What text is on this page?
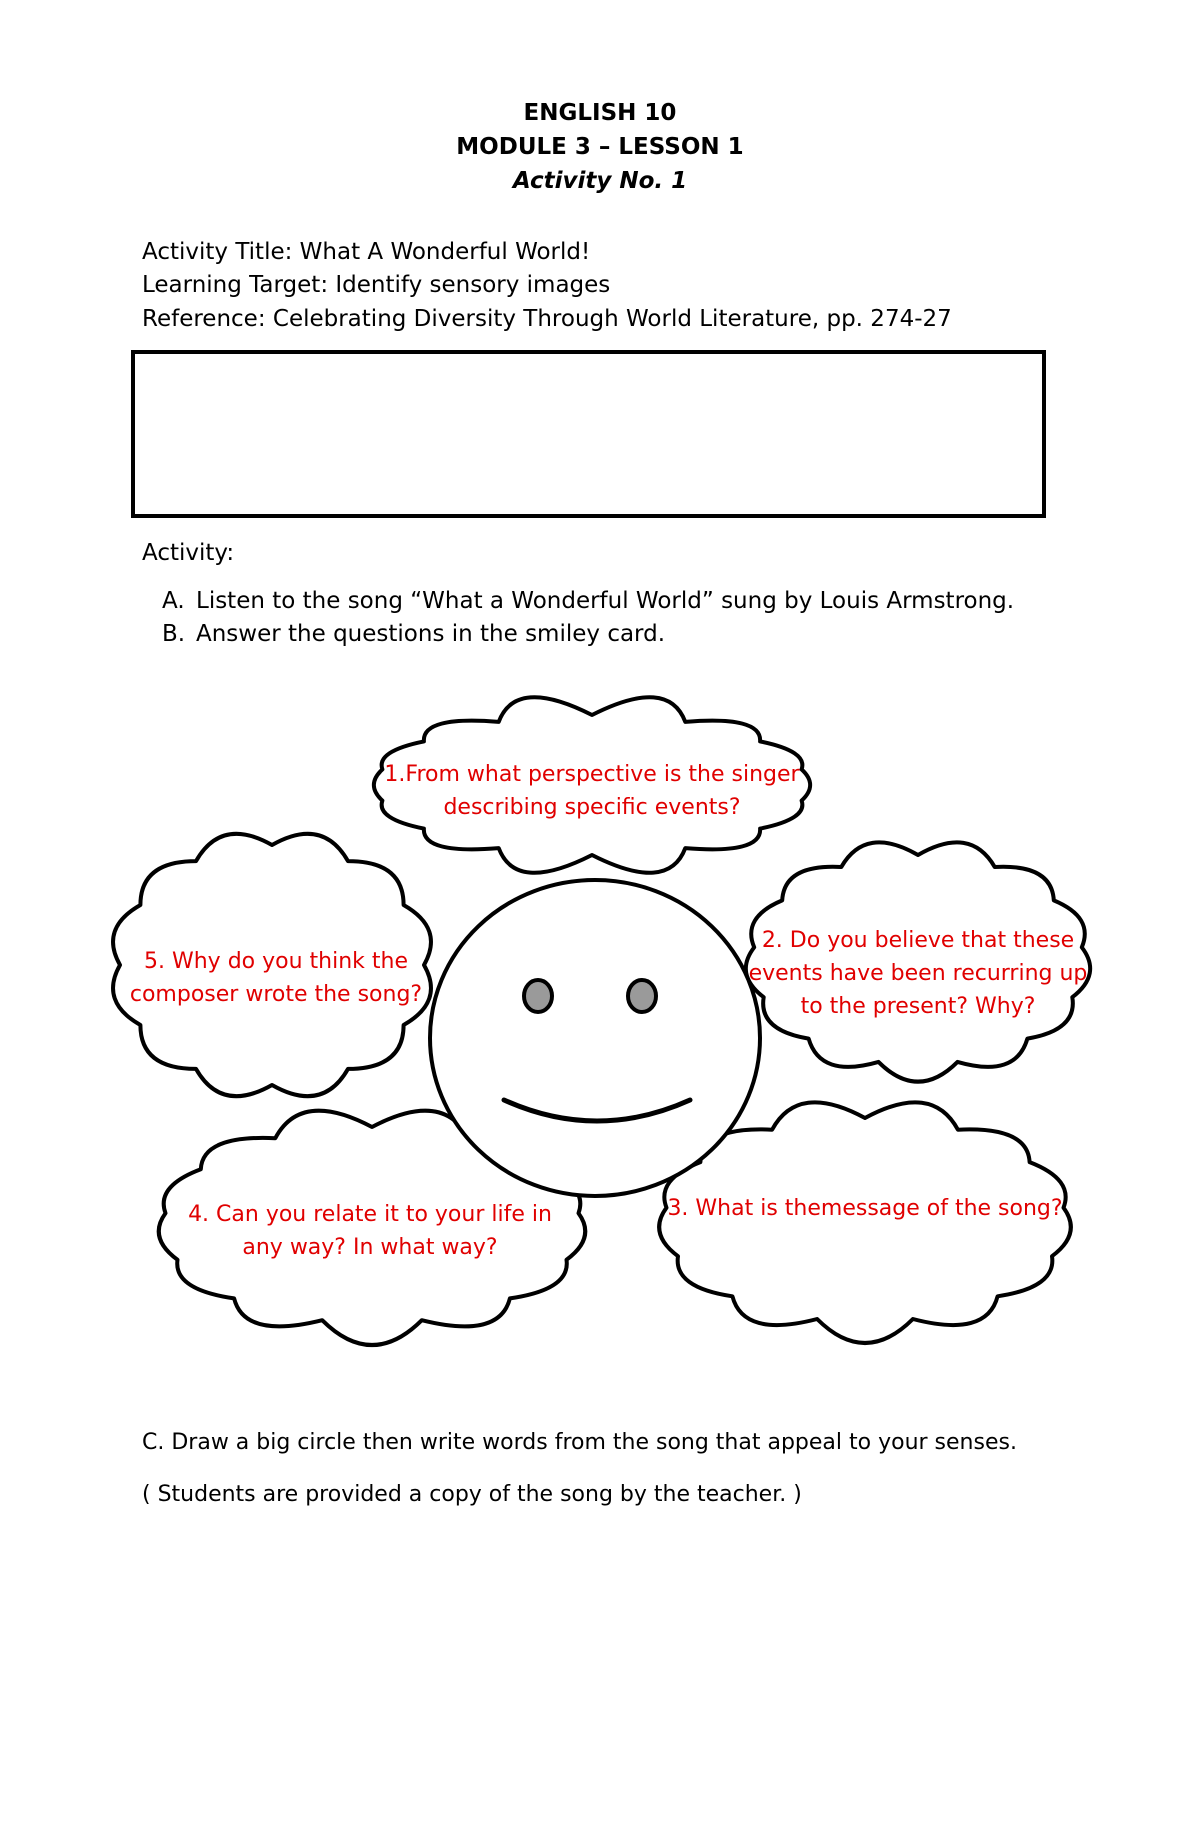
ENGLISH 10
MODULE 3 – LESSON 1
Activity No. 1
Activity Title: What A Wonderful World!
Learning Target: Identify sensory images
Reference: Celebrating Diversity Through World Literature, pp. 274-27
Activity:
A. Listen to the song “What a Wonderful World” sung by Louis Armstrong.
B. Answer the questions in the smiley card.
1.From what perspective is the singer describing specific events?
2. Do you believe that these events have been recurring up to the present? Why?
3. What is themessage of the song?
4. Can you relate it to your life in any way? In what way?
5. Why do you think the composer wrote the song?
C. Draw a big circle then write words from the song that appeal to your senses.
( Students are provided a copy of the song by the teacher. )
